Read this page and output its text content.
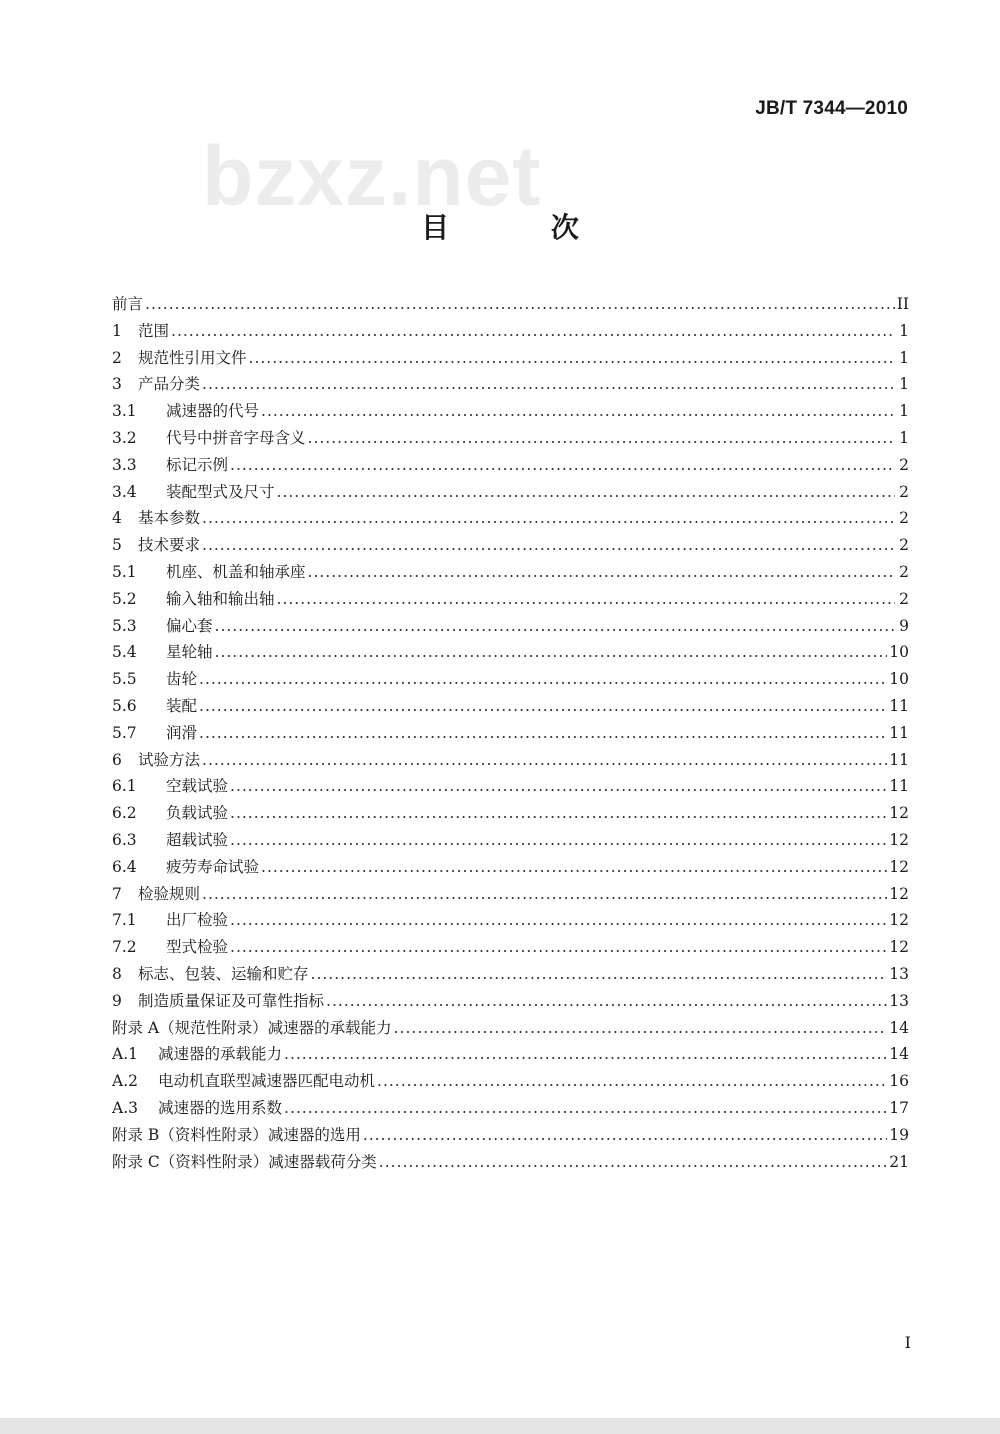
JB/T 7344—2010
bzxz.net
目 次
前言 .....	II
1	范围 .....	1
2	规范性引用文件 .....	1
3	产品分类 .....	1
3.1	减速器的代号 .....	1
3.2	代号中拼音字母含义 .....	1
3.3	标记示例 .....	2
3.4	装配型式及尺寸 .....	2
4	基本参数 .....	2
5	技术要求 .....	2
5.1	机座、机盖和轴承座 .....	2
5.2	输入轴和输出轴 .....	2
5.3	偏心套 .....	9
5.4	星轮轴 .....	10
5.5	齿轮 .....	10
5.6	装配 .....	11
5.7	润滑 .....	11
6	试验方法 .....	11
6.1	空载试验 .....	11
6.2	负载试验 .....	12
6.3	超载试验 .....	12
6.4	疲劳寿命试验 .....	12
7	检验规则 .....	12
7.1	出厂检验 .....	12
7.2	型式检验 .....	12
8	标志、包装、运输和贮存 .....	13
9	制造质量保证及可靠性指标 .....	13
附录 A（规范性附录）减速器的承载能力 .....	14
A.1	减速器的承载能力 .....	14
A.2	电动机直联型减速器匹配电动机 .....	16
A.3	减速器的选用系数 .....	17
附录 B（资料性附录）减速器的选用 .....	19
附录 C（资料性附录）减速器载荷分类 .....	21
I
